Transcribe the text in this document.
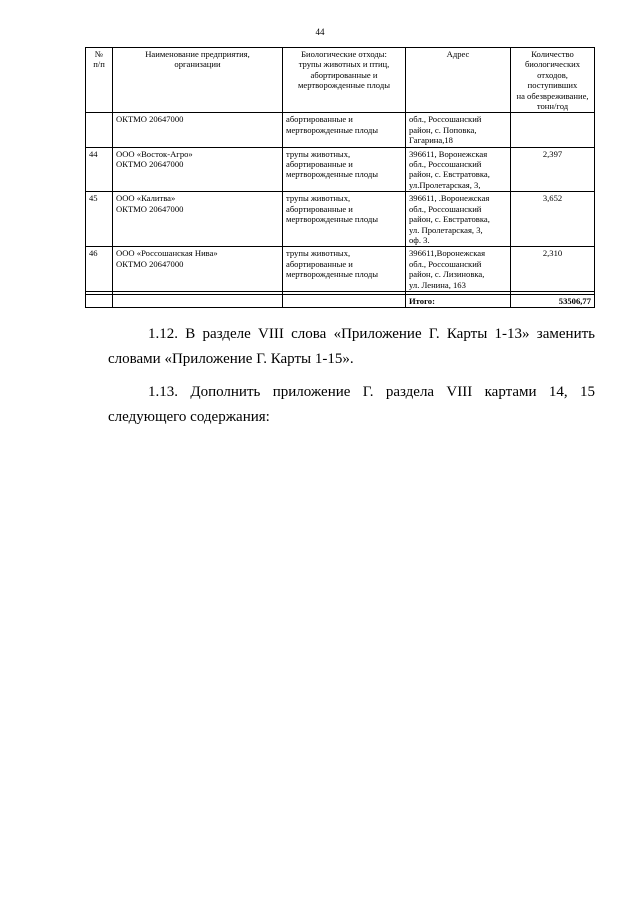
44
№
п/п	Наименование предприятия,
организации	Биологические отходы:
трупы животных и птиц,
абортированные и
мертворожденные плоды	Адрес	Количество
биологических
отходов, поступивших
на обезвреживание,
тонн/год
	ОКТМО 20647000	абортированные и
мертворожденные плоды	обл., Россошанский
район, с. Поповка,
Гагарина,18	
44	ООО «Восток-Агро»
ОКТМО 20647000	трупы животных,
абортированные и
мертворожденные плоды	396611, Воронежская
обл., Россошанский
район, с. Евстратовка,
ул.Пролетарская, 3,	2,397
45	ООО «Калитва»
ОКТМО 20647000	трупы животных,
абортированные и
мертворожденные плоды	396611, .Воронежская
обл., Россошанский
район, с. Евстратовка,
ул. Пролетарская, 3,
оф. 3.	3,652
46	ООО «Россошанская Нива»
ОКТМО 20647000	трупы животных,
абортированные и
мертворожденные плоды	396611,Воронежская
обл., Россошанский
район, с. Лизиновка,
ул. Ленина, 163	2,310

			Итого:	53506,77

1.12. В разделе VIII слова «Приложение Г. Карты 1-13» заменить
словами «Приложение Г. Карты 1-15».

1.13. Дополнить приложение Г. раздела VIII картами 14, 15
следующего содержания:
